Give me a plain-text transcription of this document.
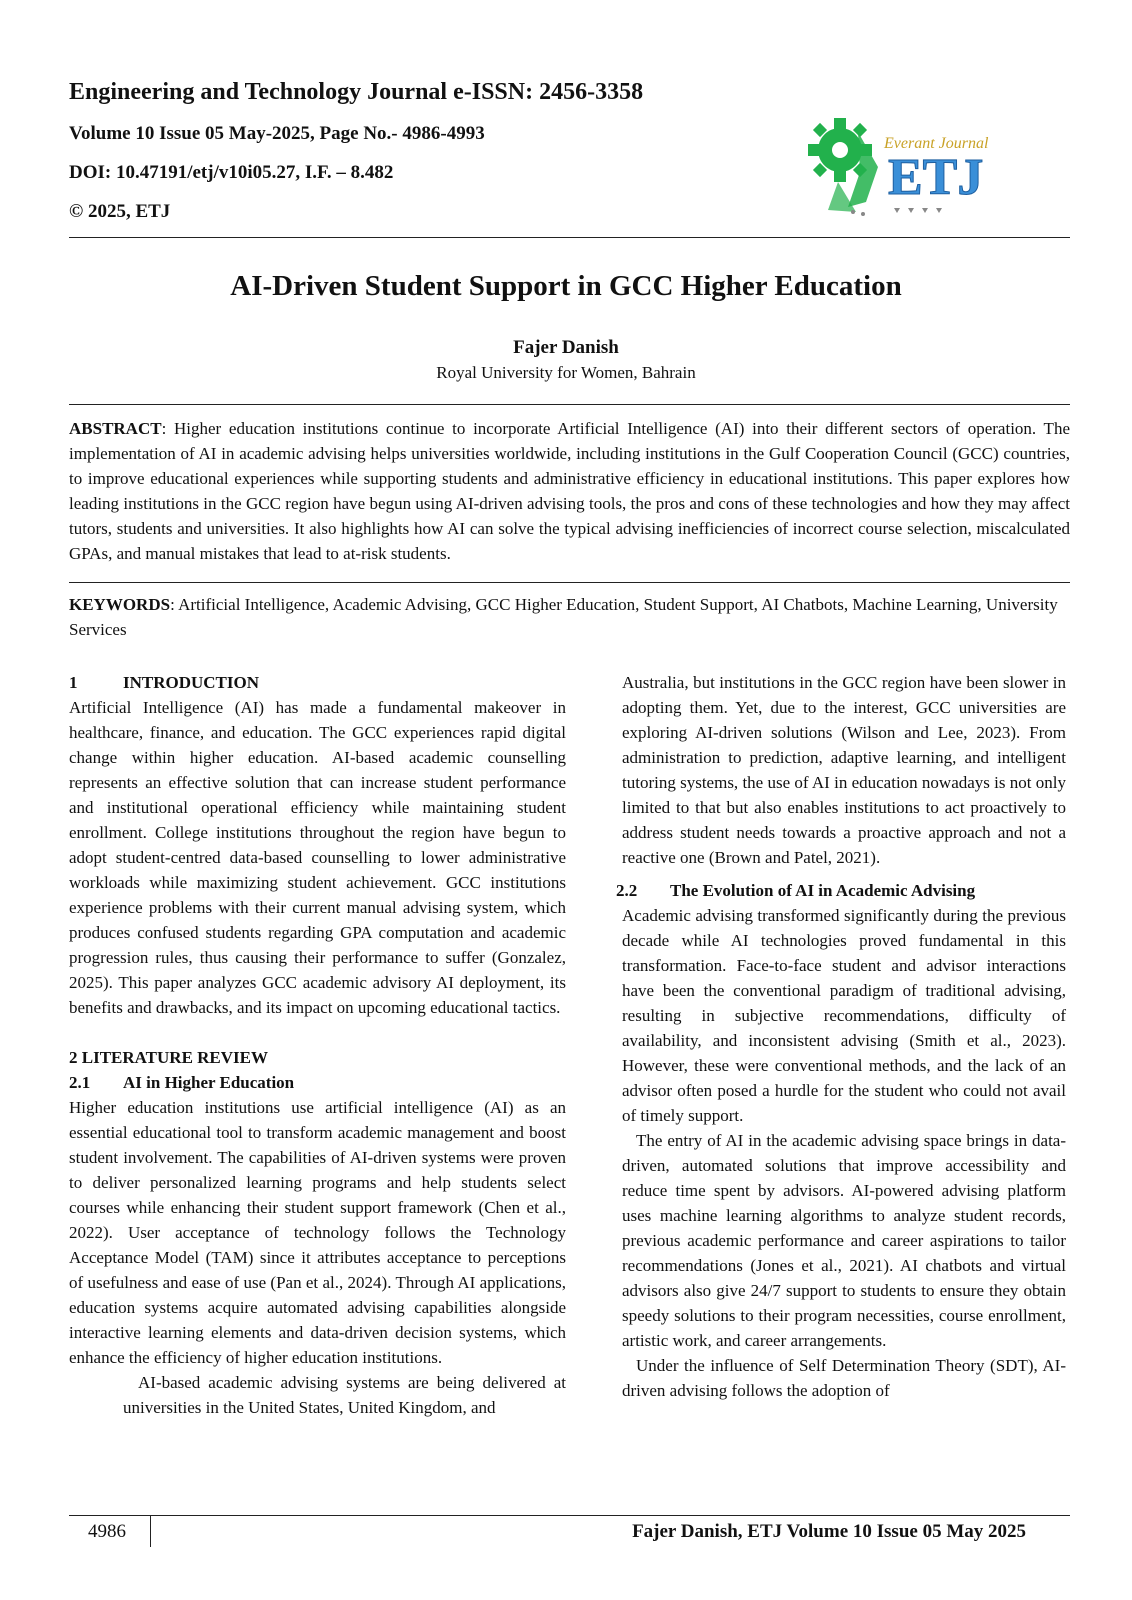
Engineering and Technology Journal e-ISSN: 2456-3358
Volume 10 Issue 05 May-2025, Page No.- 4986-4993
DOI: 10.47191/etj/v10i05.27, I.F. – 8.482
© 2025, ETJ
Everant Journal
ETJ
AI-Driven Student Support in GCC Higher Education
Fajer Danish
Royal University for Women, Bahrain
ABSTRACT: Higher education institutions continue to incorporate Artificial Intelligence (AI) into their different sectors of operation. The implementation of AI in academic advising helps universities worldwide, including institutions in the Gulf Cooperation Council (GCC) countries, to improve educational experiences while supporting students and administrative efficiency in educational institutions. This paper explores how leading institutions in the GCC region have begun using AI-driven advising tools, the pros and cons of these technologies and how they may affect tutors, students and universities. It also highlights how AI can solve the typical advising inefficiencies of incorrect course selection, miscalculated GPAs, and manual mistakes that lead to at-risk students.
KEYWORDS: Artificial Intelligence, Academic Advising, GCC Higher Education, Student Support, AI Chatbots, Machine Learning, University Services

1	INTRODUCTION

Artificial Intelligence (AI) has made a fundamental makeover in healthcare, finance, and education. The GCC experiences rapid digital change within higher education. AI-based academic counselling represents an effective solution that can increase student performance and institutional operational efficiency while maintaining student enrollment. College institutions throughout the region have begun to adopt student-centred data-based counselling to lower administrative workloads while maximizing student achievement. GCC institutions experience problems with their current manual advising system, which produces confused students regarding GPA computation and academic progression rules, thus causing their performance to suffer (Gonzalez, 2025). This paper analyzes GCC academic advisory AI deployment, its benefits and drawbacks, and its impact on upcoming educational tactics.

2 LITERATURE REVIEW

2.1 AI in Higher Education

Higher education institutions use artificial intelligence (AI) as an essential educational tool to transform academic management and boost student involvement. The capabilities of AI-driven systems were proven to deliver personalized learning programs and help students select courses while enhancing their student support framework (Chen et al., 2022). User acceptance of technology follows the Technology Acceptance Model (TAM) since it attributes acceptance to perceptions of usefulness and ease of use (Pan et al., 2024). Through AI applications, education systems acquire automated advising capabilities alongside interactive learning elements and data-driven decision systems, which enhance the efficiency of higher education institutions.

AI-based academic advising systems are being delivered at universities in the United States, United Kingdom, and

Australia, but institutions in the GCC region have been slower in adopting them. Yet, due to the interest, GCC universities are exploring AI-driven solutions (Wilson and Lee, 2023). From administration to prediction, adaptive learning, and intelligent tutoring systems, the use of AI in education nowadays is not only limited to that but also enables institutions to act proactively to address student needs towards a proactive approach and not a reactive one (Brown and Patel, 2021).

2.2 The Evolution of AI in Academic Advising

Academic advising transformed significantly during the previous decade while AI technologies proved fundamental in this transformation. Face-to-face student and advisor interactions have been the conventional paradigm of traditional advising, resulting in subjective recommendations, difficulty of availability, and inconsistent advising (Smith et al., 2023). However, these were conventional methods, and the lack of an advisor often posed a hurdle for the student who could not avail of timely support.

The entry of AI in the academic advising space brings in data-driven, automated solutions that improve accessibility and reduce time spent by advisors. AI-powered advising platform uses machine learning algorithms to analyze student records, previous academic performance and career aspirations to tailor recommendations (Jones et al., 2021). AI chatbots and virtual advisors also give 24/7 support to students to ensure they obtain speedy solutions to their program necessities, course enrollment, artistic work, and career arrangements.

Under the influence of Self Determination Theory (SDT), AI-driven advising follows the adoption of

4986	Fajer Danish, ETJ Volume 10 Issue 05 May 2025
